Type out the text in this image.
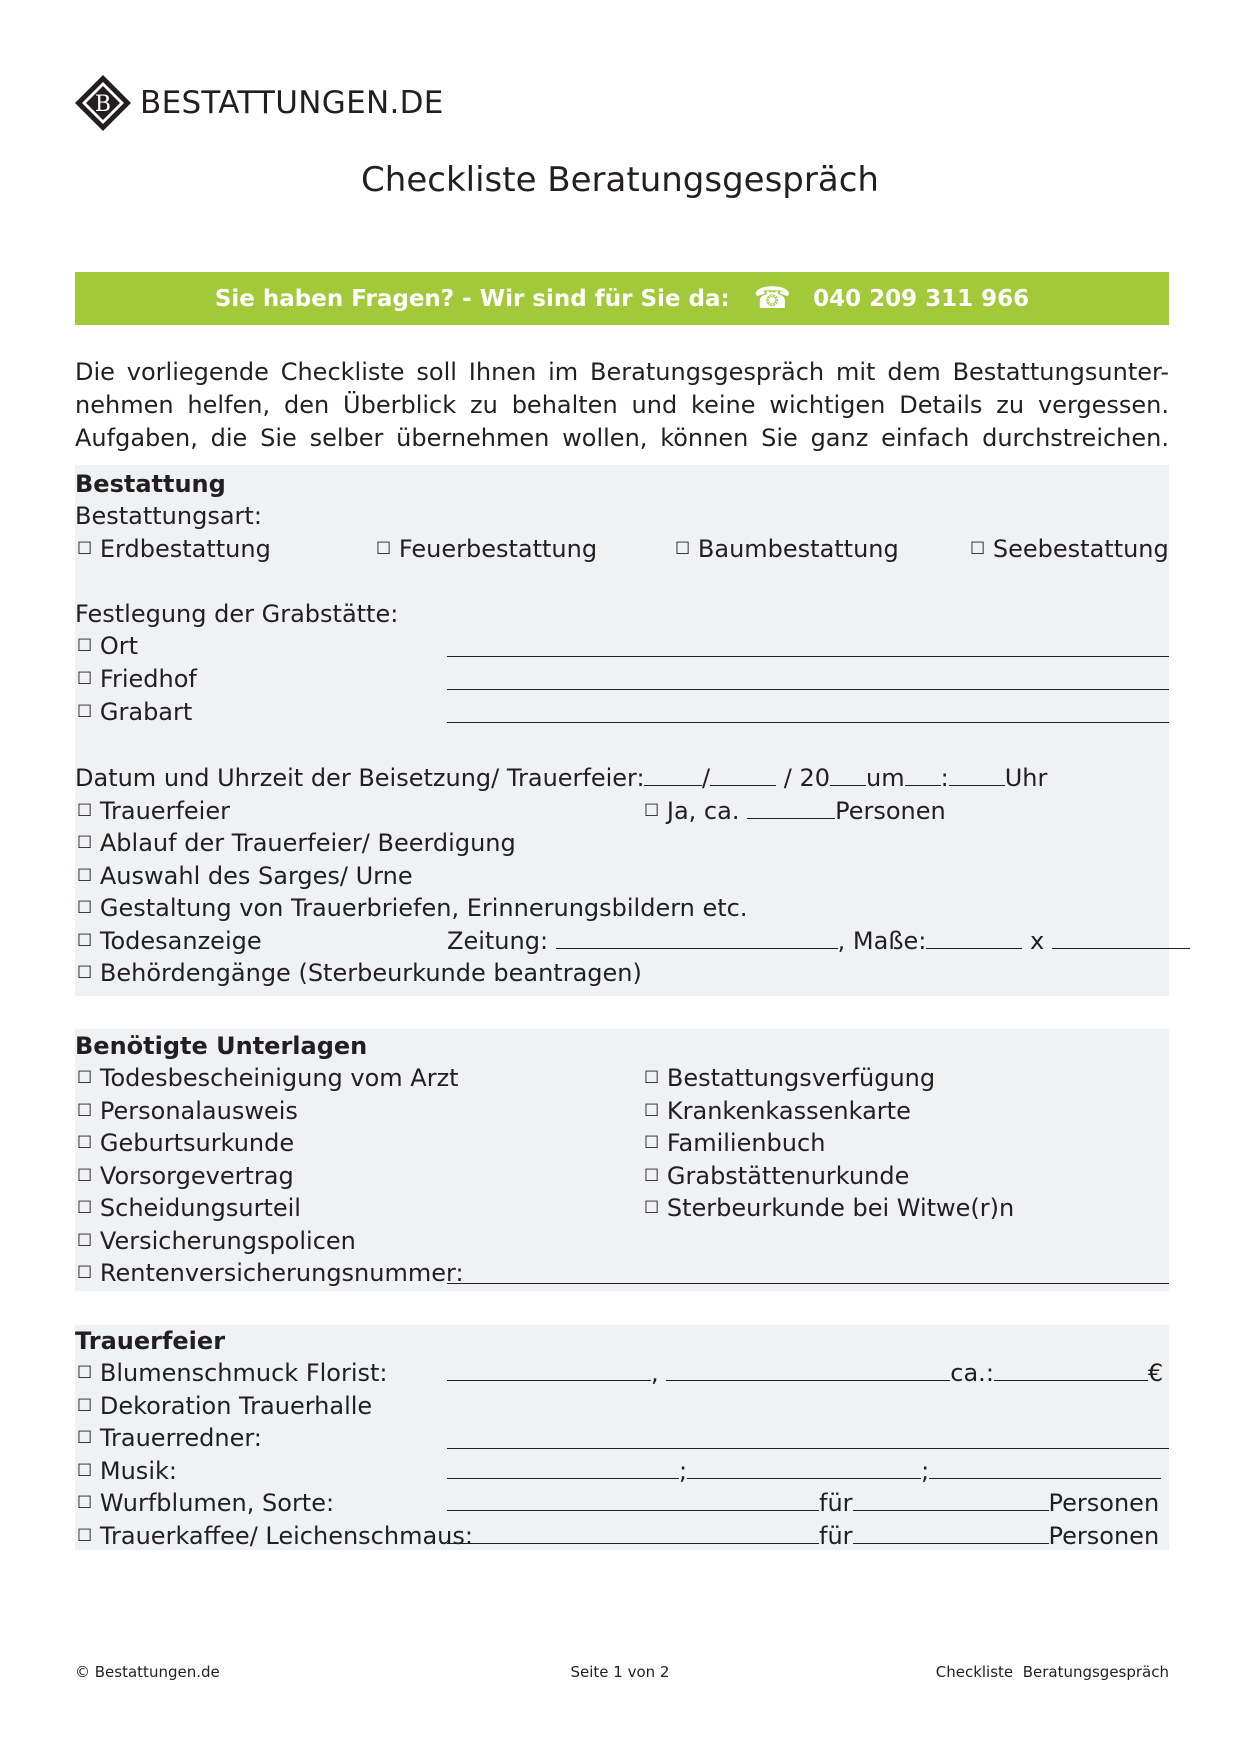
B BESTATTUNGEN.DE
Checkliste Beratungsgespräch
Sie haben Fragen? - Wir sind für Sie da: ☎ 040 209 311 966
Die vorliegende Checkliste soll Ihnen im Beratungsgespräch mit dem Bestattungsunter-
nehmen helfen, den Überblick zu behalten und keine wichtigen Details zu vergessen.
Aufgaben, die Sie selber übernehmen wollen, können Sie ganz einfach durchstreichen.
Bestattung
Bestattungsart:
☐ Erdbestattung	☐ Feuerbestattung	☐ Baumbestattung	☐ Seebestattung
Festlegung der Grabstätte:
☐ Ort
☐ Friedhof
☐ Grabart
Datum und Uhrzeit der Beisetzung/ Trauerfeier:	/	/ 20 um : Uhr
☐ Trauerfeier	☐ Ja, ca.	Personen
☐ Ablauf der Trauerfeier/ Beerdigung
☐ Auswahl des Sarges/ Urne
☐ Gestaltung von Trauerbriefen, Erinnerungsbildern etc.
☐ Todesanzeige	Zeitung:	, Maße:	x
☐ Behördengänge (Sterbeurkunde beantragen)
Benötigte Unterlagen
☐ Todesbescheinigung vom Arzt	☐ Bestattungsverfügung
☐ Personalausweis	☐ Krankenkassenkarte
☐ Geburtsurkunde	☐ Familienbuch
☐ Vorsorgevertrag	☐ Grabstättenurkunde
☐ Scheidungsurteil	☐ Sterbeurkunde bei Witwe(r)n
☐ Versicherungspolicen
☐ Rentenversicherungsnummer:
Trauerfeier
☐ Blumenschmuck Florist:	,	ca.:	€
☐ Dekoration Trauerhalle
☐ Trauerredner:
☐ Musik:	;	;
☐ Wurfblumen, Sorte:	für	Personen
☐ Trauerkaffee/ Leichenschmaus:	für	Personen
© Bestattungen.de	Seite 1 von 2	Checkliste  Beratungsgespräch
